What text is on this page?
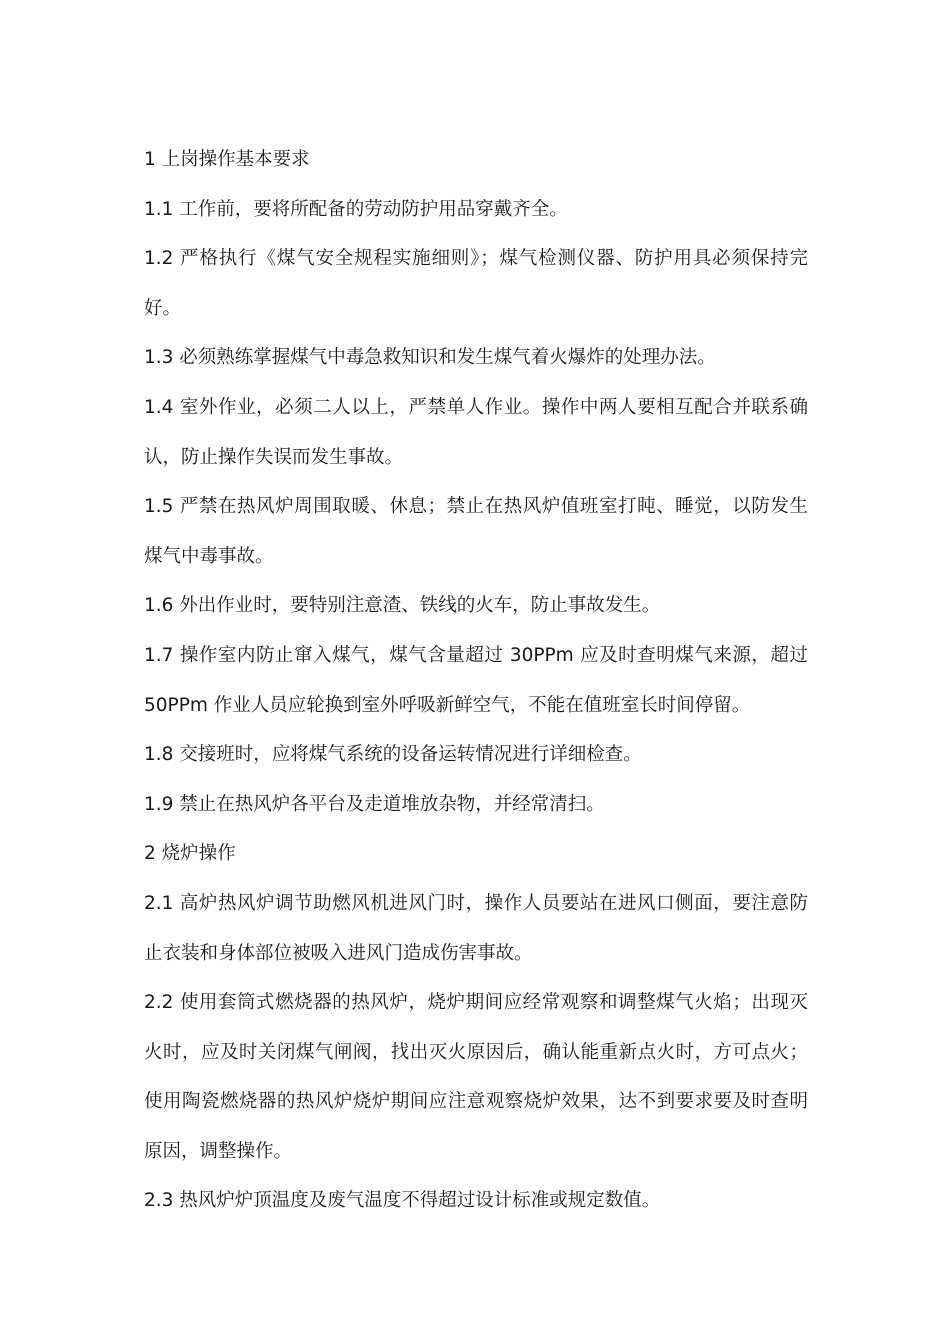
1 上岗操作基本要求

1.1 工作前，要将所配备的劳动防护用品穿戴齐全。

1.2 严格执行《煤气安全规程实施细则》；煤气检测仪器、防护用具必须保持完好。

1.3 必须熟练掌握煤气中毒急救知识和发生煤气着火爆炸的处理办法。

1.4 室外作业，必须二人以上，严禁单人作业。操作中两人要相互配合并联系确认，防止操作失误而发生事故。

1.5 严禁在热风炉周围取暖、休息；禁止在热风炉值班室打盹、睡觉，以防发生煤气中毒事故。

1.6 外出作业时，要特别注意渣、铁线的火车，防止事故发生。

1.7 操作室内防止窜入煤气，煤气含量超过 30PPm 应及时查明煤气来源，超过 50PPm 作业人员应轮换到室外呼吸新鲜空气，不能在值班室长时间停留。

1.8 交接班时，应将煤气系统的设备运转情况进行详细检查。

1.9 禁止在热风炉各平台及走道堆放杂物，并经常清扫。

2 烧炉操作

2.1 高炉热风炉调节助燃风机进风门时，操作人员要站在进风口侧面，要注意防止衣装和身体部位被吸入进风门造成伤害事故。

2.2 使用套筒式燃烧器的热风炉，烧炉期间应经常观察和调整煤气火焰；出现灭火时，应及时关闭煤气闸阀，找出灭火原因后，确认能重新点火时，方可点火；使用陶瓷燃烧器的热风炉烧炉期间应注意观察烧炉效果，达不到要求要及时查明原因，调整操作。

2.3 热风炉炉顶温度及废气温度不得超过设计标准或规定数值。
